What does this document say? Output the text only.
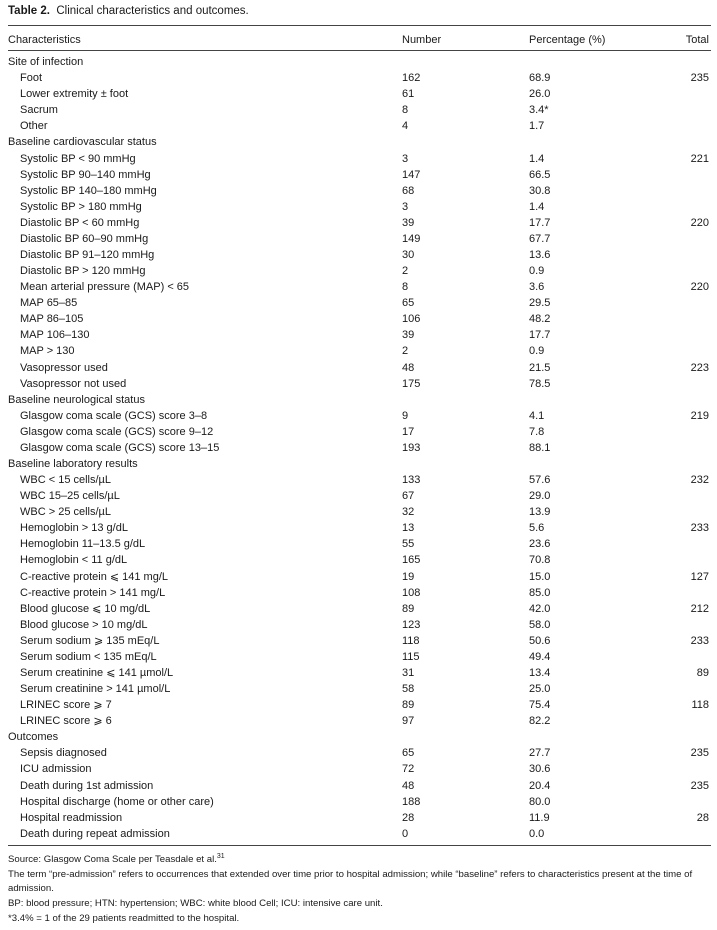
Table 2. Clinical characteristics and outcomes.
Characteristics	Number	Percentage (%)	Total

Site of infection			
Foot	162	68.9	235
Lower extremity ± foot	61	26.0	
Sacrum	8	3.4*	
Other	4	1.7	
Baseline cardiovascular status			
Systolic BP < 90 mmHg	3	1.4	221
Systolic BP 90–140 mmHg	147	66.5	
Systolic BP 140–180 mmHg	68	30.8	
Systolic BP > 180 mmHg	3	1.4	
Diastolic BP < 60 mmHg	39	17.7	220
Diastolic BP 60–90 mmHg	149	67.7	
Diastolic BP 91–120 mmHg	30	13.6	
Diastolic BP > 120 mmHg	2	0.9	
Mean arterial pressure (MAP) < 65	8	3.6	220
MAP 65–85	65	29.5	
MAP 86–105	106	48.2	
MAP 106–130	39	17.7	
MAP > 130	2	0.9	
Vasopressor used	48	21.5	223
Vasopressor not used	175	78.5	
Baseline neurological status			
Glasgow coma scale (GCS) score 3–8	9	4.1	219
Glasgow coma scale (GCS) score 9–12	17	7.8	
Glasgow coma scale (GCS) score 13–15	193	88.1	
Baseline laboratory results			
WBC < 15 cells/µL	133	57.6	232
WBC 15–25 cells/µL	67	29.0	
WBC > 25 cells/µL	32	13.9	
Hemoglobin > 13 g/dL	13	5.6	233
Hemoglobin 11–13.5 g/dL	55	23.6	
Hemoglobin < 11 g/dL	165	70.8	
C-reactive protein ⩽ 141 mg/L	19	15.0	127
C-reactive protein > 141 mg/L	108	85.0	
Blood glucose ⩽ 10 mg/dL	89	42.0	212
Blood glucose > 10 mg/dL	123	58.0	
Serum sodium ⩾ 135 mEq/L	118	50.6	233
Serum sodium < 135 mEq/L	115	49.4	
Serum creatinine ⩽ 141 µmol/L	31	13.4	89
Serum creatinine > 141 µmol/L	58	25.0	
LRINEC score ⩾ 7	89	75.4	118
LRINEC score ⩾ 6	97	82.2	
Outcomes			
Sepsis diagnosed	65	27.7	235
ICU admission	72	30.6	
Death during 1st admission	48	20.4	235
Hospital discharge (home or other care)	188	80.0	
Hospital readmission	28	11.9	28
Death during repeat admission	0	0.0	
Source: Glasgow Coma Scale per Teasdale et al.$^{31}$
The term “pre-admission” refers to occurrences that extended over time prior to hospital admission; while “baseline” refers to characteristics present at the time of admission.
BP: blood pressure; HTN: hypertension; WBC: white blood Cell; ICU: intensive care unit.
*3.4% = 1 of the 29 patients readmitted to the hospital.
